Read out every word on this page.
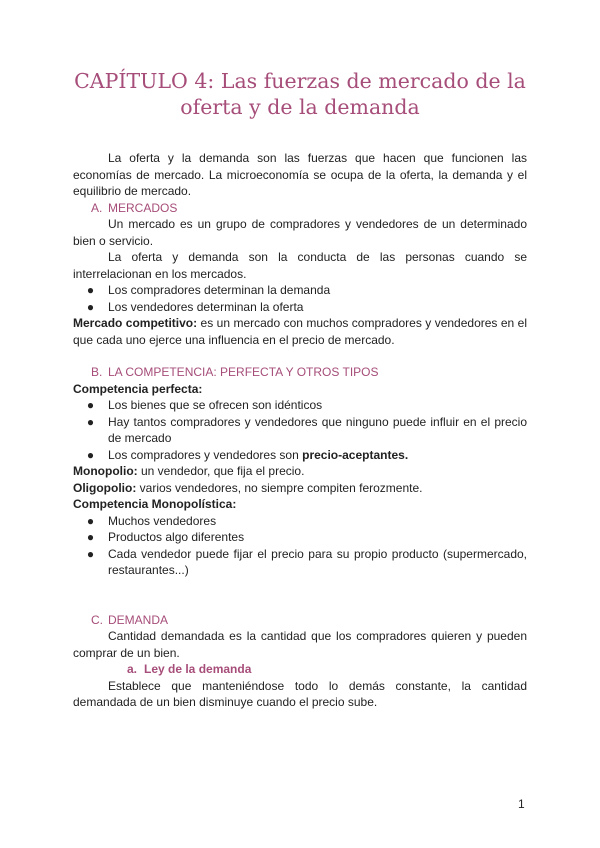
CAPÍTULO 4: Las fuerzas de mercado de la oferta y de la demanda

La oferta y la demanda son las fuerzas que hacen que funcionen las economías de mercado. La microeconomía se ocupa de la oferta, la demanda y el equilibrio de mercado.

A. MERCADOS

Un mercado es un grupo de compradores y vendedores de un determinado bien o servicio.

La oferta y demanda son la conducta de las personas cuando se interrelacionan en los mercados.

●	Los compradores determinan la demanda
●	Los vendedores determinan la oferta

Mercado competitivo: es un mercado con muchos compradores y vendedores en el que cada uno ejerce una influencia en el precio de mercado.

B. LA COMPETENCIA: PERFECTA Y OTROS TIPOS

Competencia perfecta:

●	Los bienes que se ofrecen son idénticos
●	Hay tantos compradores y vendedores que ninguno puede influir en el precio de mercado
●	Los compradores y vendedores son precio-aceptantes.

Monopolio: un vendedor, que fija el precio.

Oligopolio: varios vendedores, no siempre compiten ferozmente.

Competencia Monopolística:

●	Muchos vendedores
●	Productos algo diferentes
●	Cada vendedor puede fijar el precio para su propio producto (supermercado, restaurantes...)
C. DEMANDA

Cantidad demandada es la cantidad que los compradores quieren y pueden comprar de un bien.

a. Ley de la demanda

Establece que manteniéndose todo lo demás constante, la cantidad demandada de un bien disminuye cuando el precio sube.

1
